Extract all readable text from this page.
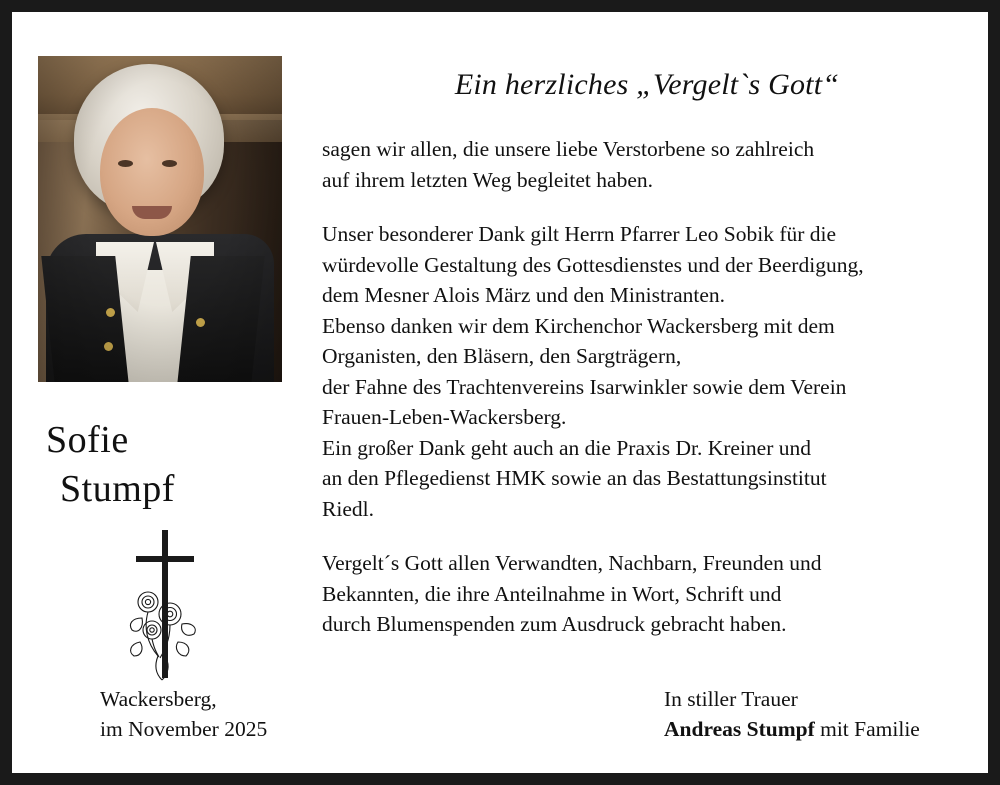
Sofie
Stumpf
Ein herzliches „Vergelt`s Gott“
sagen wir allen, die unsere liebe Verstorbene so zahlreich
auf ihrem letzten Weg begleitet haben.
Unser besonderer Dank gilt Herrn Pfarrer Leo Sobik für die
würdevolle Gestaltung des Gottesdienstes und der Beerdigung,
dem Mesner Alois März und den Ministranten.
Ebenso danken wir dem Kirchenchor Wackersberg mit dem
Organisten, den Bläsern, den Sargträgern,
der Fahne des Trachtenvereins Isarwinkler sowie dem Verein
Frauen-Leben-Wackersberg.
Ein großer Dank geht auch an die Praxis Dr. Kreiner und
an den Pflegedienst HMK sowie an das Bestattungsinstitut
Riedl.
Vergelt´s Gott allen Verwandten, Nachbarn, Freunden und
Bekannten, die ihre Anteilnahme in Wort, Schrift und
durch Blumenspenden zum Ausdruck gebracht haben.
Wackersberg,
im November 2025
In stiller Trauer
Andreas Stumpf mit Familie
